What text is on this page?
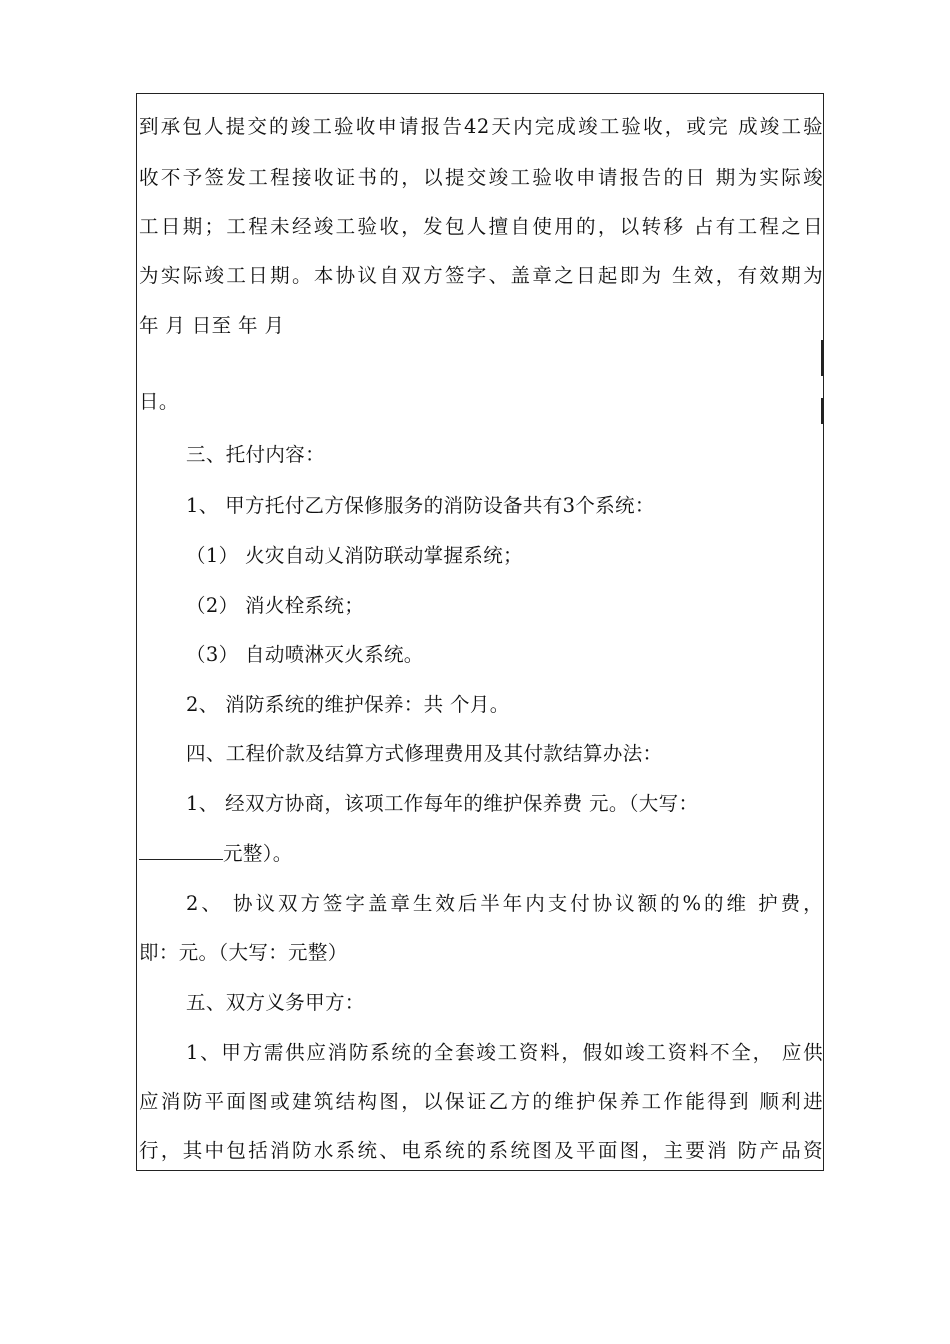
到承包人提交的竣工验收申请报告42天内完成竣工验收，或完 成竣工验
收不予签发工程接收证书的，以提交竣工验收申请报告的日 期为实际竣
工日期；工程未经竣工验收，发包人擅自使用的，以转移 占有工程之日
为实际竣工日期。本协议自双方签字、盖章之日起即为 生效，有效期为
年 月 日至 年 月
日。
三、托付内容：
1、 甲方托付乙方保修服务的消防设备共有3个系统：
（1） 火灾自动乂消防联动掌握系统；
（2） 消火栓系统；
（3） 自动喷淋灭火系统。
2、 消防系统的维护保养：共 个月。
四、工程价款及结算方式修理费用及其付款结算办法：
1、 经双方协商，该项工作每年的维护保养费 元。（大写：
元整）。
2、 协议双方签字盖章生效后半年内支付协议额的%的维 护费，
即：元。（大写：元整）
五、双方义务甲方：
1、甲方需供应消防系统的全套竣工资料，假如竣工资料不全， 应供
应消防平面图或建筑结构图，以保证乙方的维护保养工作能得到 顺利进
行，其中包括消防水系统、电系统的系统图及平面图，主要消 防产品资
